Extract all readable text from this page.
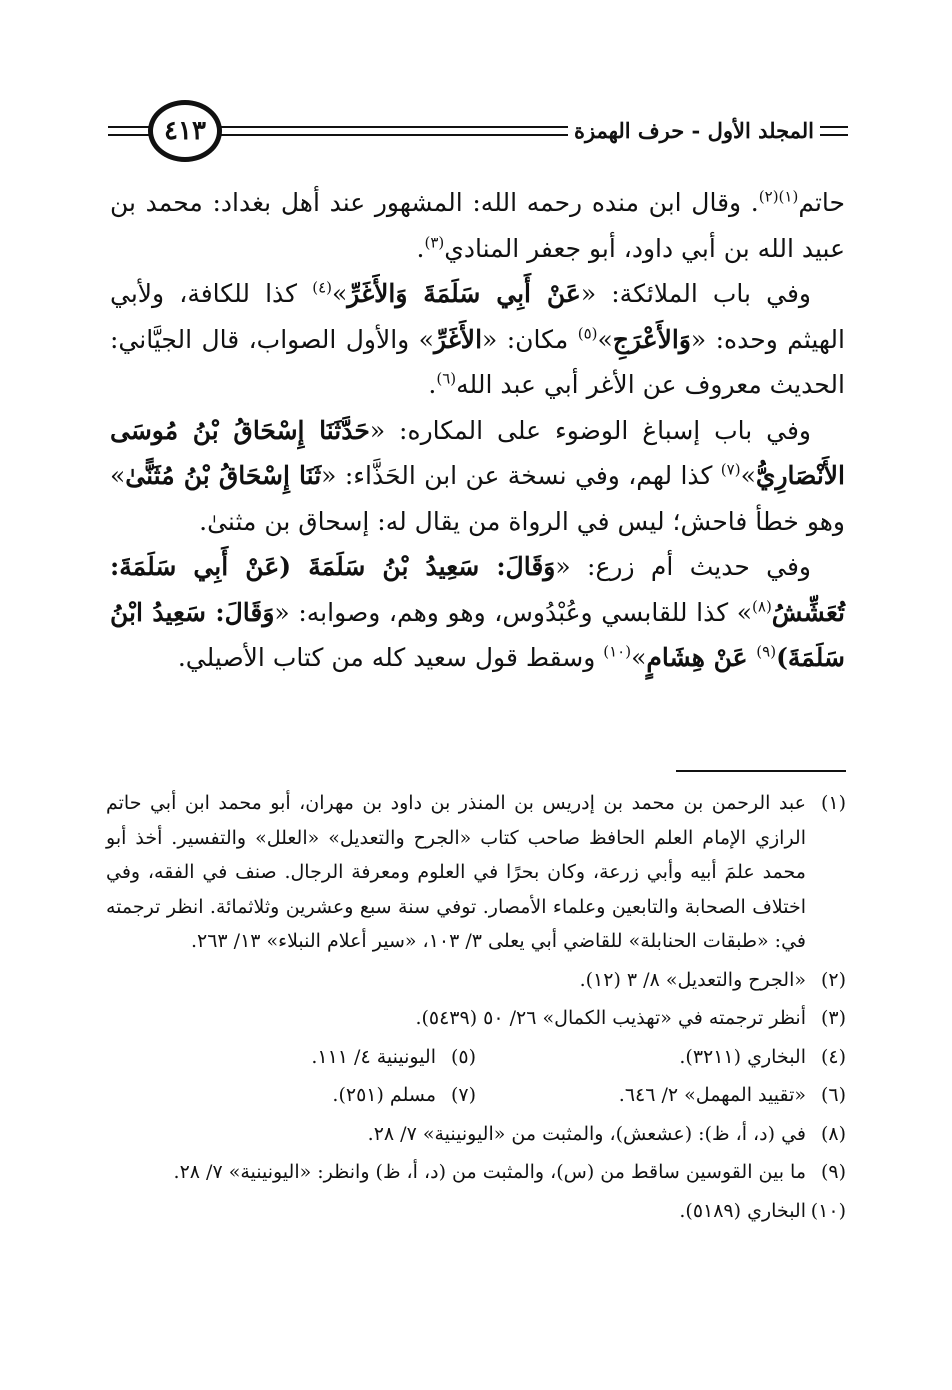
٤١٣	المجلد الأول - حرف الهمزة

حاتم$^{(١)(٢)}$. وقال ابن منده رحمه الله: المشهور عند أهل بغداد: محمد بن عبيد الله بن أبي داود، أبو جعفر المنادي$^{(٣)}$.

وفي باب الملائكة: «عَنْ أَبِي سَلَمَةَ وَالأَغَرِّ»$^{(٤)}$ كذا للكافة، ولأبي الهيثم وحده: «وَالأَعْرَجِ»$^{(٥)}$ مكان: «الأَغَرِّ» والأول الصواب، قال الجيَّاني: الحديث معروف عن الأغر أبي عبد الله$^{(٦)}$.

وفي باب إسباغ الوضوء على المكاره: «حَدَّثَنَا إِسْحَاقُ بْنُ مُوسَى الأَنْصَارِيُّ»$^{(٧)}$ كذا لهم، وفي نسخة عن ابن الحَذَّاء: «ثَنَا إِسْحَاقُ بْنُ مُثَنًّىٰ» وهو خطأ فاحش؛ ليس في الرواة من يقال له: إسحاق بن مثنىٰ.

وفي حديث أم زرع: «وَقَالَ: سَعِيدُ بْنُ سَلَمَةَ (عَنْ أَبِي سَلَمَةَ: تُعَشِّشُ$^{(٨)}$» كذا للقابسي وعُبْدُوس، وهو وهم، وصوابه: «وَقَالَ: سَعِيدُ ابْنُ سَلَمَةَ)$^{(٩)}$ عَنْ هِشَامٍ»$^{(١٠)}$ وسقط قول سعيد كله من كتاب الأصيلي.

(١)
عبد الرحمن بن محمد بن إدريس بن المنذر بن داود بن مهران، أبو محمد ابن أبي حاتم الرازي الإمام العلم الحافظ صاحب كتاب «الجرح والتعديل» «العلل» والتفسير. أخذ أبو محمد علمَ أبيه وأبي زرعة، وكان بحرًا في العلوم ومعرفة الرجال. صنف في الفقه، وفي اختلاف الصحابة والتابعين وعلماء الأمصار. توفي سنة سبع وعشرين وثلاثمائة. انظر ترجمته في: «طبقات الحنابلة» للقاضي أبي يعلى ٣/ ١٠٣، «سير أعلام النبلاء» ١٣/ ٢٦٣.
(٢)
«الجرح والتعديل» ٨/ ٣ (١٢).
(٣)
أنظر ترجمته في «تهذيب الكمال» ٢٦/ ٥٠ (٥٤٣٩).
(٤)
البخاري (٣٢١١).
(٥)
اليونينية ٤/ ١١١.
(٦)
«تقييد المهمل» ٢/ ٦٤٦.
(٧)
مسلم (٢٥١).
(٨)
في (د، أ، ظ): (عشعش)، والمثبت من «اليونينية» ٧/ ٢٨.
(٩)
ما بين القوسين ساقط من (س)، والمثبت من (د، أ، ظ) وانظر: «اليونينية» ٧/ ٢٨.
(١٠)
البخاري (٥١٨٩).
